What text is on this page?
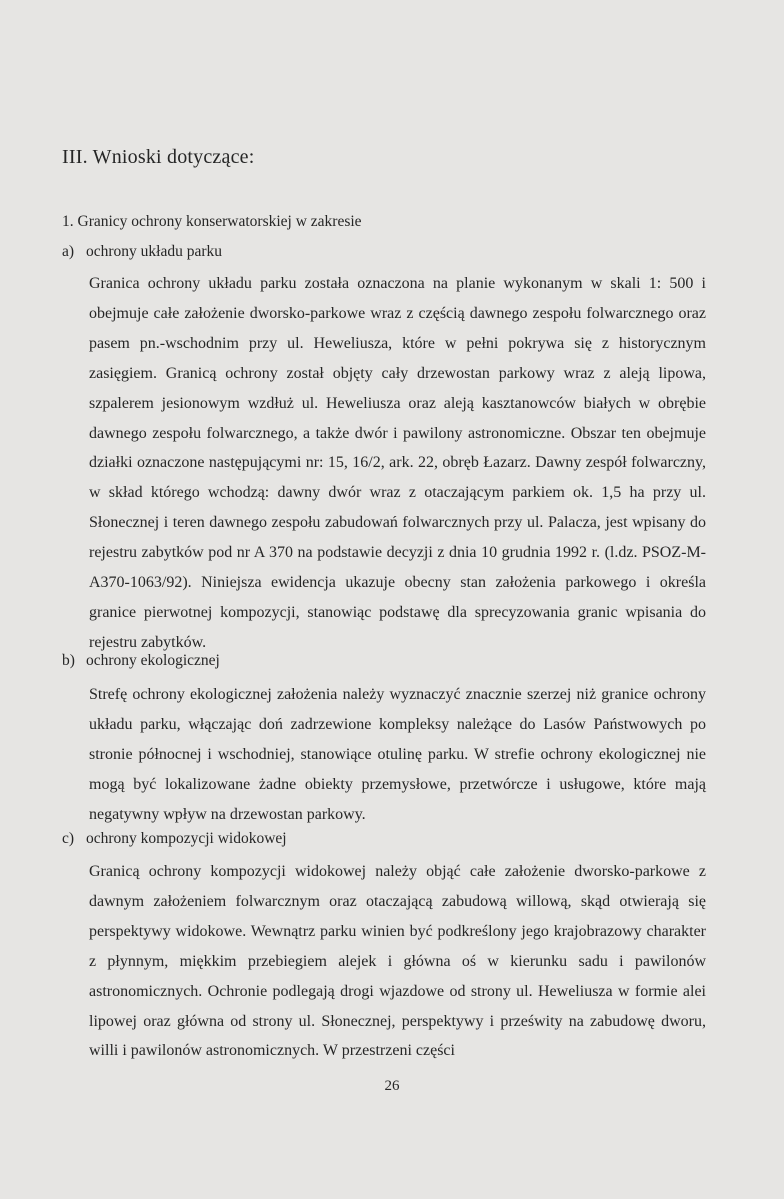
III. Wnioski dotyczące:
1. Granicy ochrony konserwatorskiej w zakresie
a) ochrony układu parku
Granica ochrony układu parku została oznaczona na planie wykonanym w skali 1: 500 i obejmuje całe założenie dworsko-parkowe wraz z częścią dawnego zespołu folwarcznego oraz pasem pn.-wschodnim przy ul. Heweliusza, które w pełni pokrywa się z historycznym zasięgiem. Granicą ochrony został objęty cały drzewostan parkowy wraz z aleją lipowa, szpalerem jesionowym wzdłuż ul. Heweliusza oraz aleją kasztanowców białych w obrębie dawnego zespołu folwarcznego, a także dwór i pawilony astronomiczne. Obszar ten obejmuje działki oznaczone następującymi nr: 15, 16/2, ark. 22, obręb Łazarz. Dawny zespół folwarczny, w skład którego wchodzą: dawny dwór wraz z otaczającym parkiem ok. 1,5 ha przy ul. Słonecznej i teren dawnego zespołu zabudowań folwarcznych przy ul. Palacza, jest wpisany do rejestru zabytków pod nr A 370 na podstawie decyzji z dnia 10 grudnia 1992 r. (l.dz. PSOZ-M-A370-1063/92). Niniejsza ewidencja ukazuje obecny stan założenia parkowego i określa granice pierwotnej kompozycji, stanowiąc podstawę dla sprecyzowania granic wpisania do rejestru zabytków.
b) ochrony ekologicznej
Strefę ochrony ekologicznej założenia należy wyznaczyć znacznie szerzej niż granice ochrony układu parku, włączając doń zadrzewione kompleksy należące do Lasów Państwowych po stronie północnej i wschodniej, stanowiące otulinę parku. W strefie ochrony ekologicznej nie mogą być lokalizowane żadne obiekty przemysłowe, przetwórcze i usługowe, które mają negatywny wpływ na drzewostan parkowy.
c) ochrony kompozycji widokowej
Granicą ochrony kompozycji widokowej należy objąć całe założenie dworsko-parkowe z dawnym założeniem folwarcznym oraz otaczającą zabudową willową, skąd otwierają się perspektywy widokowe. Wewnątrz parku winien być podkreślony jego krajobrazowy charakter z płynnym, miękkim przebiegiem alejek i główna oś w kierunku sadu i pawilonów astronomicznych. Ochronie podlegają drogi wjazdowe od strony ul. Heweliusza w formie alei lipowej oraz główna od strony ul. Słonecznej, perspektywy i prześwity na zabudowę dworu, willi i pawilonów astronomicznych. W przestrzeni części
26
